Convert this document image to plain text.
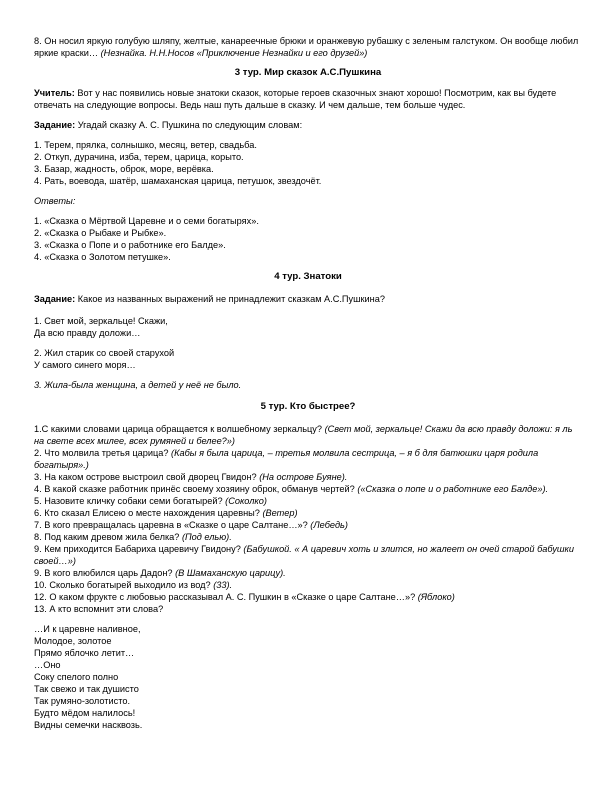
8. Он носил яркую голубую шляпу, желтые, канареечные брюки и оранжевую рубашку с зеленым галстуком. Он вообще любил яркие краски… (Незнайка. Н.Н.Носов «Приключение Незнайки и его друзей»)

3 тур. Мир сказок А.С.Пушкина

Учитель: Вот у нас появились новые знатоки сказок, которые героев сказочных знают хорошо! Посмотрим, как вы будете отвечать на следующие вопросы. Ведь наш путь дальше в сказку. И чем дальше, тем больше чудес.

Задание: Угадай сказку А. С. Пушкина по следующим словам:

1. Терем, прялка, солнышко, месяц, ветер, свадьба.

2. Откуп, дурачина, изба, терем, царица, корыто.

3. Базар, жадность, оброк, море, верёвка.

4. Рать, воевода, шатёр, шамаханская царица, петушок, звездочёт.

Ответы:

1. «Сказка о Мёртвой Царевне и о семи богатырях».

2. «Сказка о Рыбаке и Рыбке».

3. «Сказка о Попе и о работнике его Балде».

4. «Сказка о Золотом петушке».

4 тур. Знатоки

Задание: Какое из названных выражений не принадлежит сказкам А.С.Пушкина?

1. Свет мой, зеркальце! Скажи,

Да всю правду доложи…

2. Жил старик со своей старухой

У самого синего моря…

3. Жила-была женщина, а детей у неё не было.

5 тур. Кто быстрее?

1.С какими словами царица обращается к волшебному зеркальцу? (Свет мой, зеркальце! Скажи да всю правду доложи: я ль на свете всех милее, всех румяней и белее?»)

2. Что молвила третья царица? (Кабы я была царица, – третья молвила сестрица, – я б для батюшки царя родила богатыря».)

3. На каком острове выстроил свой дворец Гвидон? (На острове Буяне).

4. В какой сказке работник принёс своему хозяину оброк, обманув чертей? («Сказка о попе и о работнике его Балде»).

5. Назовите кличку собаки семи богатырей? (Соколко)

6. Кто сказал Елисею о месте нахождения царевны? (Ветер)

7. В кого превращалась царевна в «Сказке о царе Салтане…»? (Лебедь)

8. Под каким древом жила белка? (Под елью).

9. Кем приходится Бабариха царевичу Гвидону? (Бабушкой. « А царевич хоть и злится, но жалеет он очей старой бабушки своей…»)

9. В кого влюбился царь Дадон? (В Шамаханскую царицу).

10. Сколько богатырей выходило из вод? (33).

12. О каком фрукте с любовью рассказывал А. С. Пушкин в «Сказке о царе Салтане…»? (Яблоко)

13. А кто вспомнит эти слова?

…И к царевне наливное,

Молодое, золотое

Прямо яблочко летит…

…Оно

Соку спелого полно

Так свежо и так душисто

Так румяно-золотисто.

Будто мёдом налилось!

Видны семечки насквозь.
